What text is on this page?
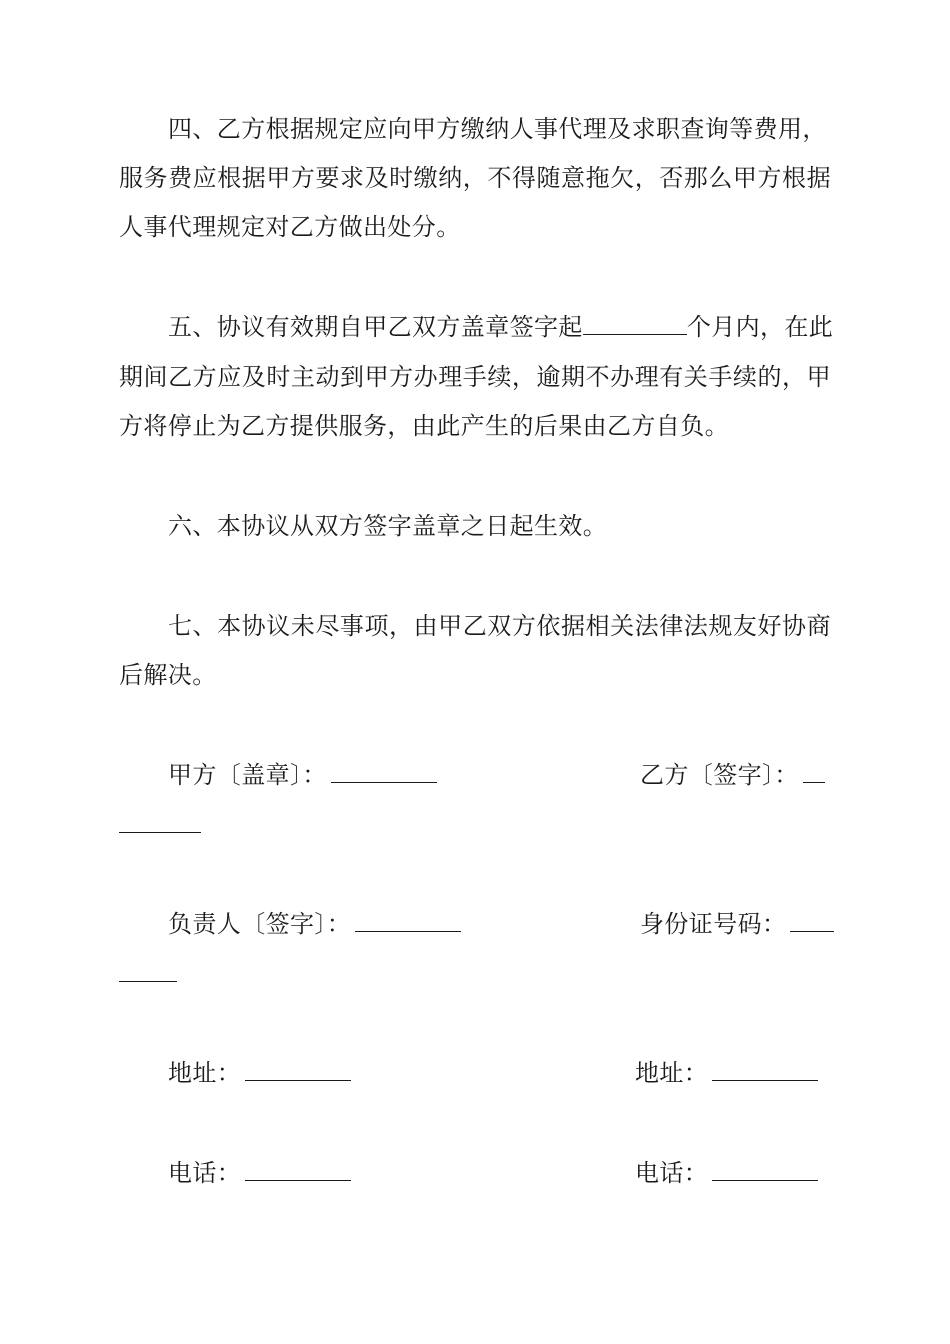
四、乙方根据规定应向甲方缴纳人事代理及求职查询等费用，
服务费应根据甲方要求及时缴纳，不得随意拖欠，否那么甲方根据
人事代理规定对乙方做出处分。
五、协议有效期自甲乙双方盖章签字起	个月内，在此
期间乙方应及时主动到甲方办理手续，逾期不办理有关手续的，甲
方将停止为乙方提供服务，由此产生的后果由乙方自负。
六、本协议从双方签字盖章之日起生效。
七、本协议未尽事项，由甲乙双方依据相关法律法规友好协商
后解决。
甲方〔盖章〕：	乙方〔签字〕：
负责人〔签字〕：	身份证号码：
地址：	地址：
电话：	电话：
